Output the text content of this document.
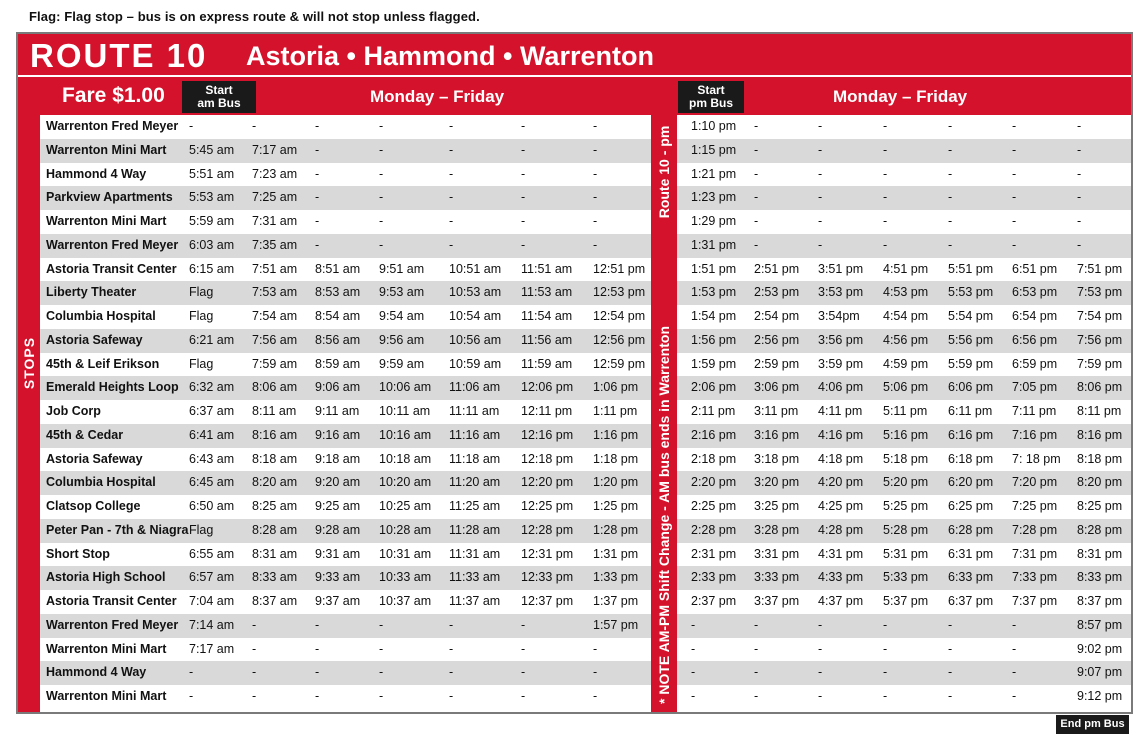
Flag: Flag stop – bus is on express route & will not stop unless flagged.
ROUTE 10 Astoria • Hammond • Warrenton
Fare $1.00	Start
am Bus	Monday – Friday	Start
pm Bus	Monday – Friday
STOPS
Warrenton Fred Meyer -	-	-	-	-	-	-	1:10 pm -	-	-	-	-	-
Warrenton Mini Mart 5:45 am 7:17 am -	-	-	-	-	1:15 pm -	-	-	-	-	-
Hammond 4 Way	5:51 am 7:23 am -	-	-	-	-	1:21 pm -	-	-	-	-	-
Parkview Apartments 5:53 am 7:25 am -	-	-	-	-	1:23 pm -	-	-	-	-	-
Warrenton Mini Mart 5:59 am 7:31 am -	-	-	-	-	1:29 pm -	-	-	-	-	-
Warrenton Fred Meyer 6:03 am 7:35 am -	-	-	-	-	1:31 pm -	-	-	-	-	-
Astoria Transit Center 6:15 am 7:51 am 8:51 am 9:51 am 10:51 am 11:51 am 12:51 pm	1:51 pm 2:51 pm 3:51 pm 4:51 pm 5:51 pm 6:51 pm 7:51 pm
Liberty Theater	Flag	7:53 am 8:53 am 9:53 am 10:53 am 11:53 am 12:53 pm	1:53 pm 2:53 pm 3:53 pm 4:53 pm 5:53 pm 6:53 pm 7:53 pm
Columbia Hospital	Flag	7:54 am 8:54 am 9:54 am 10:54 am 11:54 am 12:54 pm	1:54 pm 2:54 pm 3:54pm 4:54 pm 5:54 pm 6:54 pm 7:54 pm
Astoria Safeway	6:21 am 7:56 am 8:56 am 9:56 am 10:56 am 11:56 am 12:56 pm	1:56 pm 2:56 pm 3:56 pm 4:56 pm 5:56 pm 6:56 pm 7:56 pm
45th & Leif Erikson Flag	7:59 am 8:59 am 9:59 am 10:59 am 11:59 am 12:59 pm	1:59 pm 2:59 pm 3:59 pm 4:59 pm 5:59 pm 6:59 pm 7:59 pm
Emerald Heights Loop 6:32 am 8:06 am 9:06 am 10:06 am 11:06 am 12:06 pm 1:06 pm	2:06 pm 3:06 pm 4:06 pm 5:06 pm 6:06 pm 7:05 pm 8:06 pm
Job Corp	6:37 am 8:11 am 9:11 am 10:11 am 11:11 am 12:11 pm 1:11 pm	2:11 pm 3:11 pm 4:11 pm 5:11 pm 6:11 pm 7:11 pm 8:11 pm
45th & Cedar	6:41 am 8:16 am 9:16 am 10:16 am 11:16 am 12:16 pm 1:16 pm	2:16 pm 3:16 pm 4:16 pm 5:16 pm 6:16 pm 7:16 pm 8:16 pm
Astoria Safeway	6:43 am 8:18 am 9:18 am 10:18 am 11:18 am 12:18 pm 1:18 pm	2:18 pm 3:18 pm 4:18 pm 5:18 pm 6:18 pm 7: 18 pm 8:18 pm
Columbia Hospital	6:45 am 8:20 am 9:20 am 10:20 am 11:20 am 12:20 pm 1:20 pm	2:20 pm 3:20 pm 4:20 pm 5:20 pm 6:20 pm 7:20 pm 8:20 pm
Clatsop College	6:50 am 8:25 am 9:25 am 10:25 am 11:25 am 12:25 pm 1:25 pm	2:25 pm 3:25 pm 4:25 pm 5:25 pm 6:25 pm 7:25 pm 8:25 pm
Peter Pan - 7th & Niagra Flag	8:28 am 9:28 am 10:28 am 11:28 am 12:28 pm 1:28 pm	2:28 pm 3:28 pm 4:28 pm 5:28 pm 6:28 pm 7:28 pm 8:28 pm
Short Stop	6:55 am 8:31 am 9:31 am 10:31 am 11:31 am 12:31 pm 1:31 pm	2:31 pm 3:31 pm 4:31 pm 5:31 pm 6:31 pm 7:31 pm 8:31 pm
Astoria High School 6:57 am 8:33 am 9:33 am 10:33 am 11:33 am 12:33 pm 1:33 pm	2:33 pm 3:33 pm 4:33 pm 5:33 pm 6:33 pm 7:33 pm 8:33 pm
Astoria Transit Center 7:04 am 8:37 am 9:37 am 10:37 am 11:37 am 12:37 pm 1:37 pm	2:37 pm 3:37 pm 4:37 pm 5:37 pm 6:37 pm 7:37 pm 8:37 pm
Warrenton Fred Meyer 7:14 am -	-	-	-	-	1:57 pm	-	-	-	-	-	-	8:57 pm
Warrenton Mini Mart 7:17 am -	-	-	-	-	-	-	-	-	-	-	-	9:02 pm
Hammond 4 Way	-	-	-	-	-	-	-	-	-	-	-	-	-	9:07 pm
Warrenton Mini Mart -	-	-	-	-	-	-	-	-	-	-	-	-	9:12 pm
Route 10 - pm
* NOTE AM-PM Shift Change - AM bus ends in Warrenton
End pm Bus
